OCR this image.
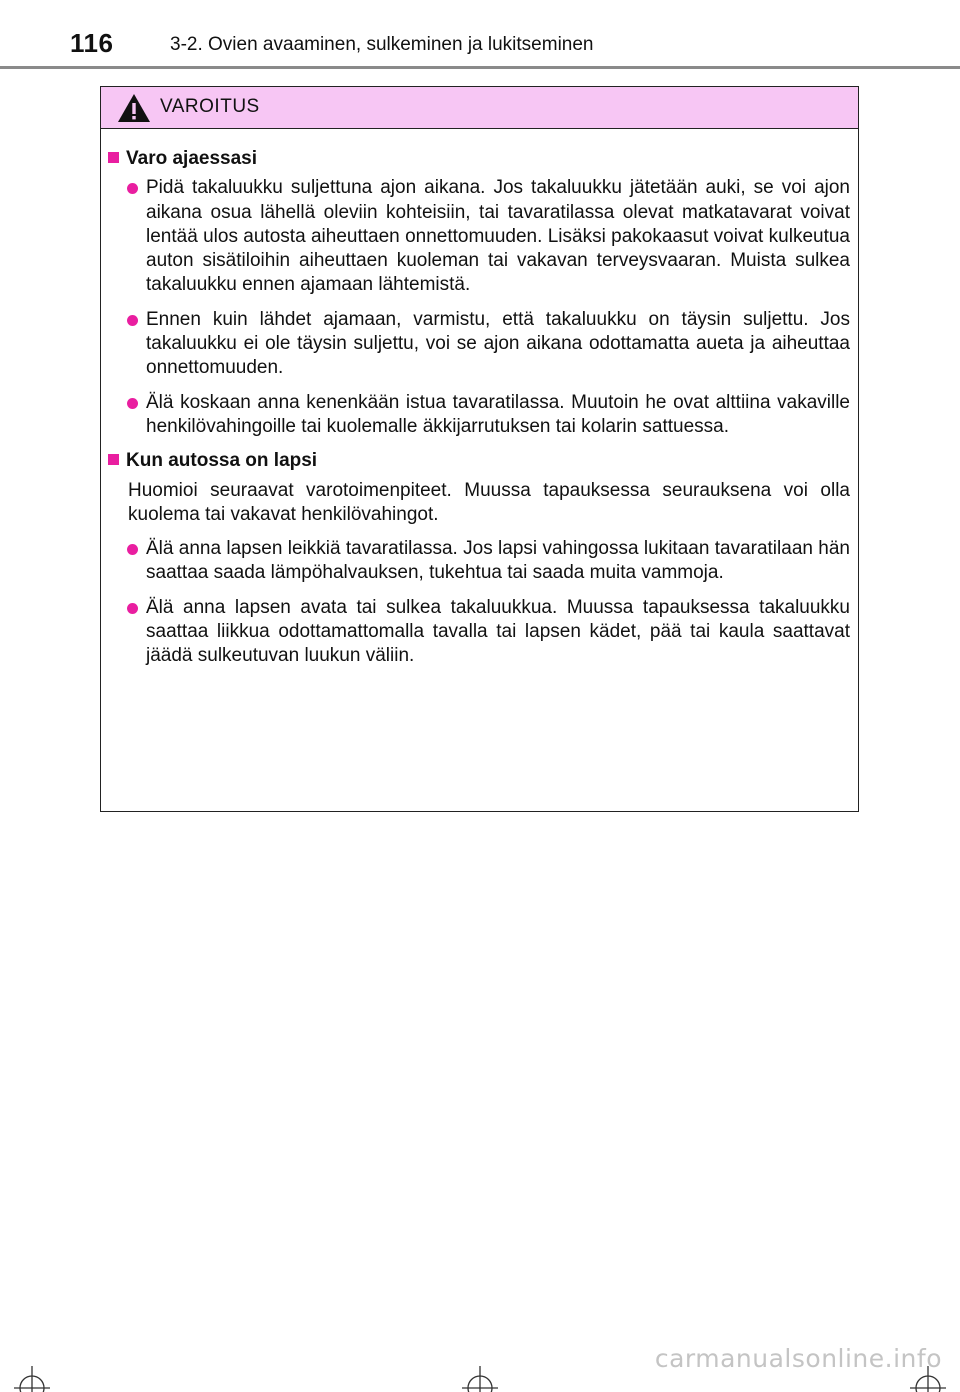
116	3-2. Ovien avaaminen, sulkeminen ja lukitseminen
VAROITUS
Varo ajaessasi
Pidä takaluukku suljettuna ajon aikana. Jos takaluukku jätetään auki, se voi ajon aikana osua lähellä oleviin kohteisiin, tai tavaratilassa olevat matkatavarat voivat lentää ulos autosta aiheuttaen onnettomuuden. Lisäksi pakokaasut voivat kulkeutua auton sisätiloihin aiheuttaen kuoleman tai vakavan terveysvaaran. Muista sulkea takaluukku ennen ajamaan lähtemistä.
Ennen kuin lähdet ajamaan, varmistu, että takaluukku on täysin suljettu. Jos takaluukku ei ole täysin suljettu, voi se ajon aikana odottamatta aueta ja aiheuttaa onnettomuuden.
Älä koskaan anna kenenkään istua tavaratilassa. Muutoin he ovat alttiina vakaville henkilövahingoille tai kuolemalle äkkijarrutuksen tai kolarin sattuessa.
Kun autossa on lapsi
Huomioi seuraavat varotoimenpiteet. Muussa tapauksessa seurauksena voi olla kuolema tai vakavat henkilövahingot.
Älä anna lapsen leikkiä tavaratilassa. Jos lapsi vahingossa lukitaan tavaratilaan hän saattaa saada lämpöhalvauksen, tukehtua tai saada muita vammoja.
Älä anna lapsen avata tai sulkea takaluukkua. Muussa tapauksessa takaluukku saattaa liikkua odottamattomalla tavalla tai lapsen kädet, pää tai kaula saattavat jäädä sulkeutuvan luukun väliin.
carmanualsonline.info
